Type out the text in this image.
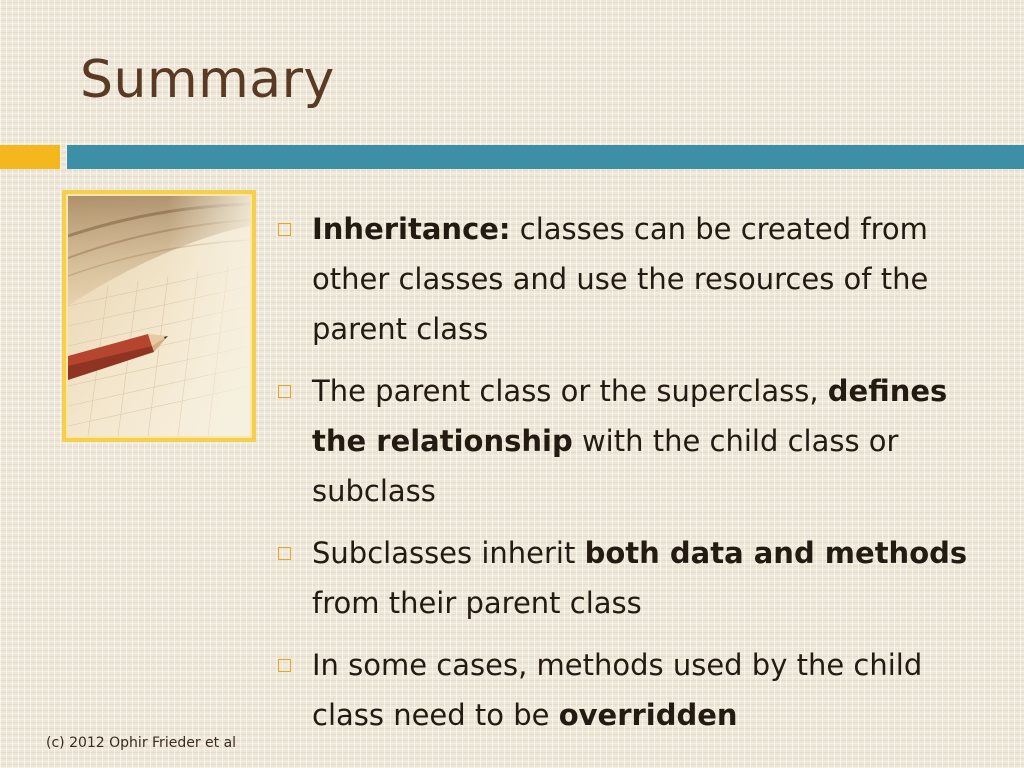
Summary
Inheritance: classes can be created from other classes and use the resources of the parent class
The parent class or the superclass, defines the relationship with the child class or subclass
Subclasses inherit both data and methods from their parent class
In some cases, methods used by the child class need to be overridden
(c) 2012 Ophir Frieder et al
